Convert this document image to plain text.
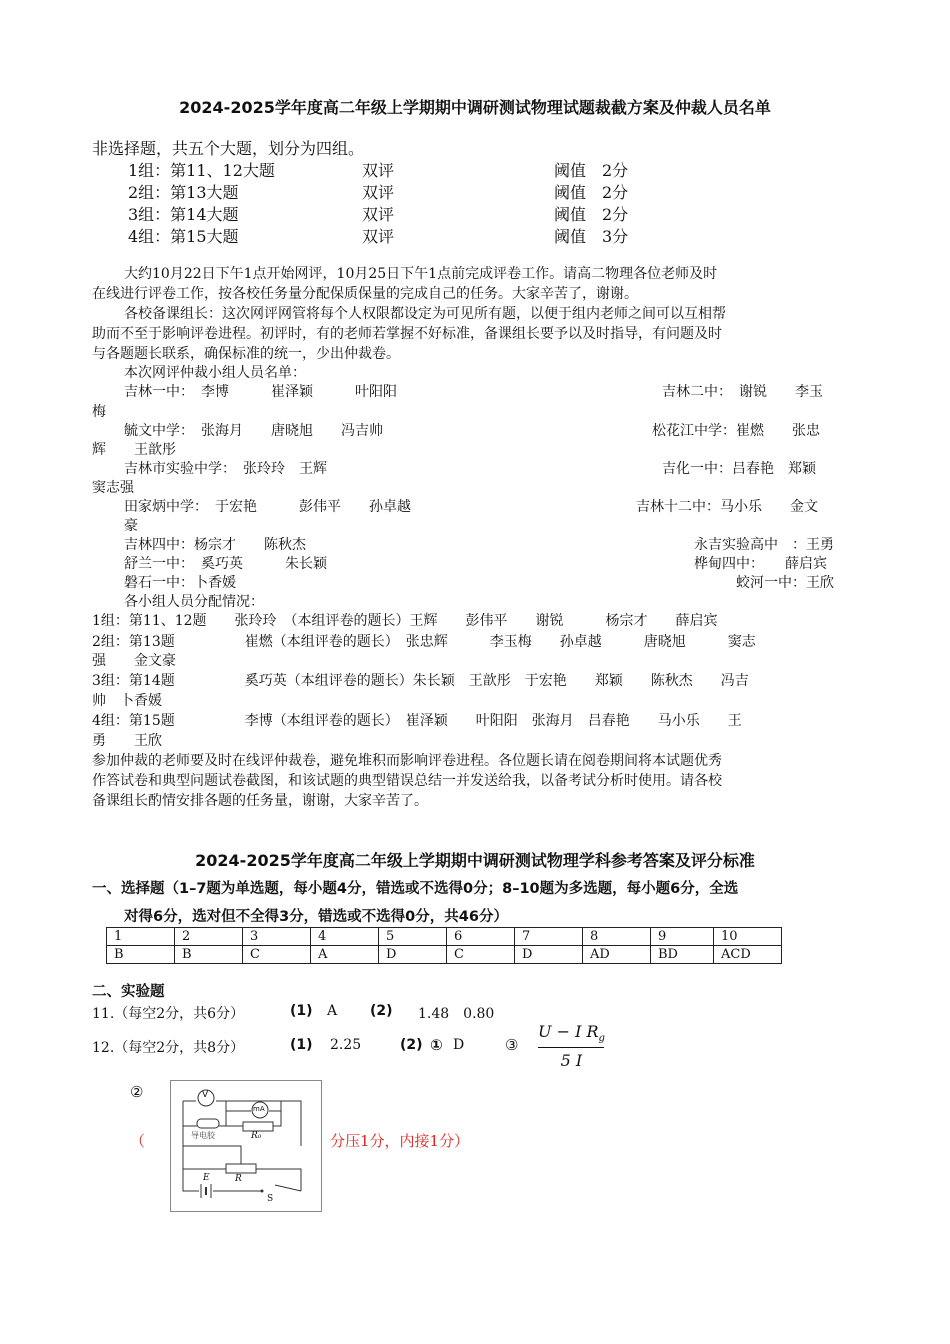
2024-2025学年度高二年级上学期期中调研测试物理试题裁截方案及仲裁人员名单
非选择题，共五个大题，划分为四组。
1组：第11、12大题	双评	阈值　2分
2组：第13大题	双评	阈值　2分
3组：第14大题	双评	阈值　2分
4组：第15大题	双评	阈值　3分
大约10月22日下午1点开始网评，10月25日下午1点前完成评卷工作。请高二物理各位老师及时
在线进行评卷工作，按各校任务量分配保质保量的完成自己的任务。大家辛苦了，谢谢。
各校备课组长：这次网评网管将每个人权限都设定为可见所有题，以便于组内老师之间可以互相帮
助而不至于影响评卷进程。初评时，有的老师若掌握不好标准，备课组长要予以及时指导，有问题及时
与各题题长联系，确保标准的统一，少出仲裁卷。
本次网评仲裁小组人员名单：
吉林一中：　李博　　　崔泽颖　　　叶阳阳	吉林二中：　谢锐　　李玉
梅
毓文中学：　张海月　　唐晓旭　　冯吉帅	松花江中学：崔燃　　张忠
辉　　王歆彤
吉林市实验中学：　张玲玲　王辉	吉化一中：吕春艳　郑颖
窦志强
田家炳中学：　于宏艳　　　彭伟平　　孙卓越	吉林十二中：马小乐　　金文
豪
吉林四中：杨宗才　　陈秋杰	永吉实验高中　：王勇
舒兰一中：　奚巧英　　　朱长颖	桦甸四中：　　薛启宾
磐石一中：卜香媛	蛟河一中：王欣
各小组人员分配情况：
1组：第11、12题　　张玲玲　（本组评卷的题长）王辉　　彭伟平　　谢锐　　　杨宗才　　薛启宾
2组：第13题　　　　　崔燃（本组评卷的题长）　张忠辉　　　李玉梅　　孙卓越　　　唐晓旭　　　窦志
强　　金文豪
3组：第14题　　　　　奚巧英（本组评卷的题长）朱长颖　王歆彤　于宏艳　　郑颖　　陈秋杰　　冯吉
帅　卜香媛
4组：第15题　　　　　李博（本组评卷的题长）　崔泽颖　　叶阳阳　张海月　吕春艳　　马小乐　　王
勇　　王欣
参加仲裁的老师要及时在线评仲裁卷，避免堆积而影响评卷进程。各位题长请在阅卷期间将本试题优秀
作答试卷和典型问题试卷截图，和该试题的典型错误总结一并发送给我，以备考试分析时使用。请各校
备课组长酌情安排各题的任务量，谢谢，大家辛苦了。
2024-2025学年度高二年级上学期期中调研测试物理学科参考答案及评分标准
一、选择题（1–7题为单选题，每小题4分，错选或不选得0分；8–10题为多选题，每小题6分，全选
对得6分，选对但不全得3分，错选或不选得0分，共46分）
1	2	3	4	5	6	7	8	9	10
B	B	C	A	D	C	D	AD	BD	ACD
二、实验题
11.（每空2分，共6分）	(1) A (2) 1.48　0.80
12.（每空2分，共8分）	(1) 2.25	(2) ① D	③
U − I $R_g$
5 I
②
（	分压1分，内接1分）
V
mA
导电胶	R₀
R
E
S
